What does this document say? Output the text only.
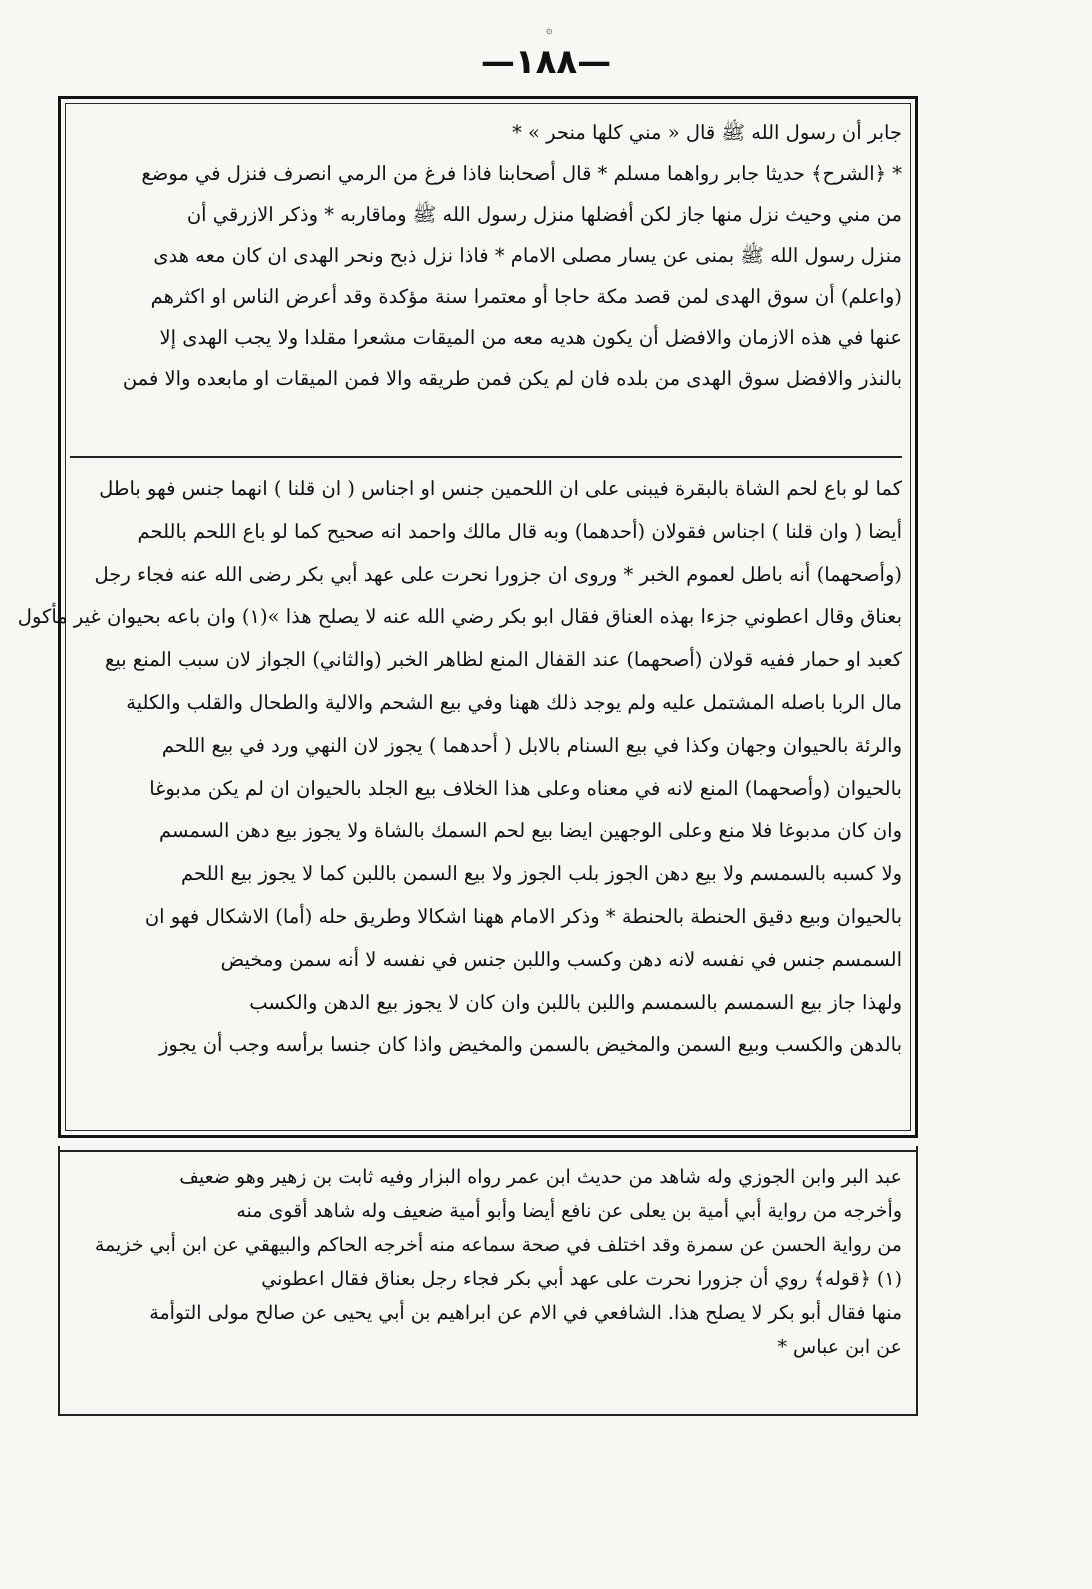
۞
—١٨٨—
جابر أن رسول الله ﷺ قال « مني كلها منحر » *
* ﴿الشرح﴾ حديثا جابر رواهما مسلم * قال أصحابنا فاذا فرغ من الرمي انصرف فنزل في موضع
من مني وحيث نزل منها جاز لكن أفضلها منزل رسول الله ﷺ وماقاربه * وذكر الازرقي أن
منزل رسول الله ﷺ بمنى عن يسار مصلى الامام * فاذا نزل ذبح ونحر الهدى ان كان معه هدى
(واعلم) أن سوق الهدى لمن قصد مكة حاجا أو معتمرا سنة مؤكدة وقد أعرض الناس او اكثرهم
عنها في هذه الازمان والافضل أن يكون هديه معه من الميقات مشعرا مقلدا ولا يجب الهدى إلا
بالنذر والافضل سوق الهدى من بلده فان لم يكن فمن طريقه والا فمن الميقات او مابعده والا فمن
كما لو باع لحم الشاة بالبقرة فيبنى على ان اللحمين جنس او اجناس ( ان قلنا ) انهما جنس فهو باطل
أيضا ( وان قلنا ) اجناس فقولان (أحدهما) وبه قال مالك واحمد انه صحيح كما لو باع اللحم باللحم
(وأصحهما) أنه باطل لعموم الخبر * وروى ان جزورا نحرت على عهد أبي بكر رضى الله عنه فجاء رجل
بعناق وقال اعطوني جزءا بهذه العناق فقال ابو بكر رضي الله عنه لا يصلح هذا »(١) وان باعه بحيوان غير مأكول
كعبد او حمار ففيه قولان (أصحهما) عند القفال المنع لظاهر الخبر (والثاني) الجواز لان سبب المنع بيع
مال الربا باصله المشتمل عليه ولم يوجد ذلك ههنا وفي بيع الشحم والالية والطحال والقلب والكلية
والرئة بالحيوان وجهان وكذا في بيع السنام بالابل ( أحدهما ) يجوز لان النهي ورد في بيع اللحم
بالحيوان (وأصحهما) المنع لانه في معناه وعلى هذا الخلاف بيع الجلد بالحيوان ان لم يكن مدبوغا
وان كان مدبوغا فلا منع وعلى الوجهين ايضا بيع لحم السمك بالشاة ولا يجوز بيع دهن السمسم
ولا كسبه بالسمسم ولا بيع دهن الجوز بلب الجوز ولا بيع السمن باللبن كما لا يجوز بيع اللحم
بالحيوان وبيع دقيق الحنطة بالحنطة * وذكر الامام ههنا اشكالا وطريق حله (أما) الاشكال فهو ان
السمسم جنس في نفسه لانه دهن وكسب واللبن جنس في نفسه لا أنه سمن ومخيض
ولهذا جاز بيع السمسم بالسمسم واللبن باللبن وان كان لا يجوز بيع الدهن والكسب
بالدهن والكسب وبيع السمن والمخيض بالسمن والمخيض واذا كان جنسا برأسه وجب أن يجوز
عبد البر وابن الجوزي وله شاهد من حديث ابن عمر رواه البزار وفيه ثابت بن زهير وهو ضعيف
وأخرجه من رواية أبي أمية بن يعلى عن نافع أيضا وأبو أمية ضعيف وله شاهد أقوى منه
من رواية الحسن عن سمرة وقد اختلف في صحة سماعه منه أخرجه الحاكم والبيهقي عن ابن أبي خزيمة
(١) ﴿قوله﴾ روي أن جزورا نحرت على عهد أبي بكر فجاء رجل بعناق فقال اعطوني
منها فقال أبو بكر لا يصلح هذا. الشافعي في الام عن ابراهيم بن أبي يحيى عن صالح مولى التوأمة
عن ابن عباس *
